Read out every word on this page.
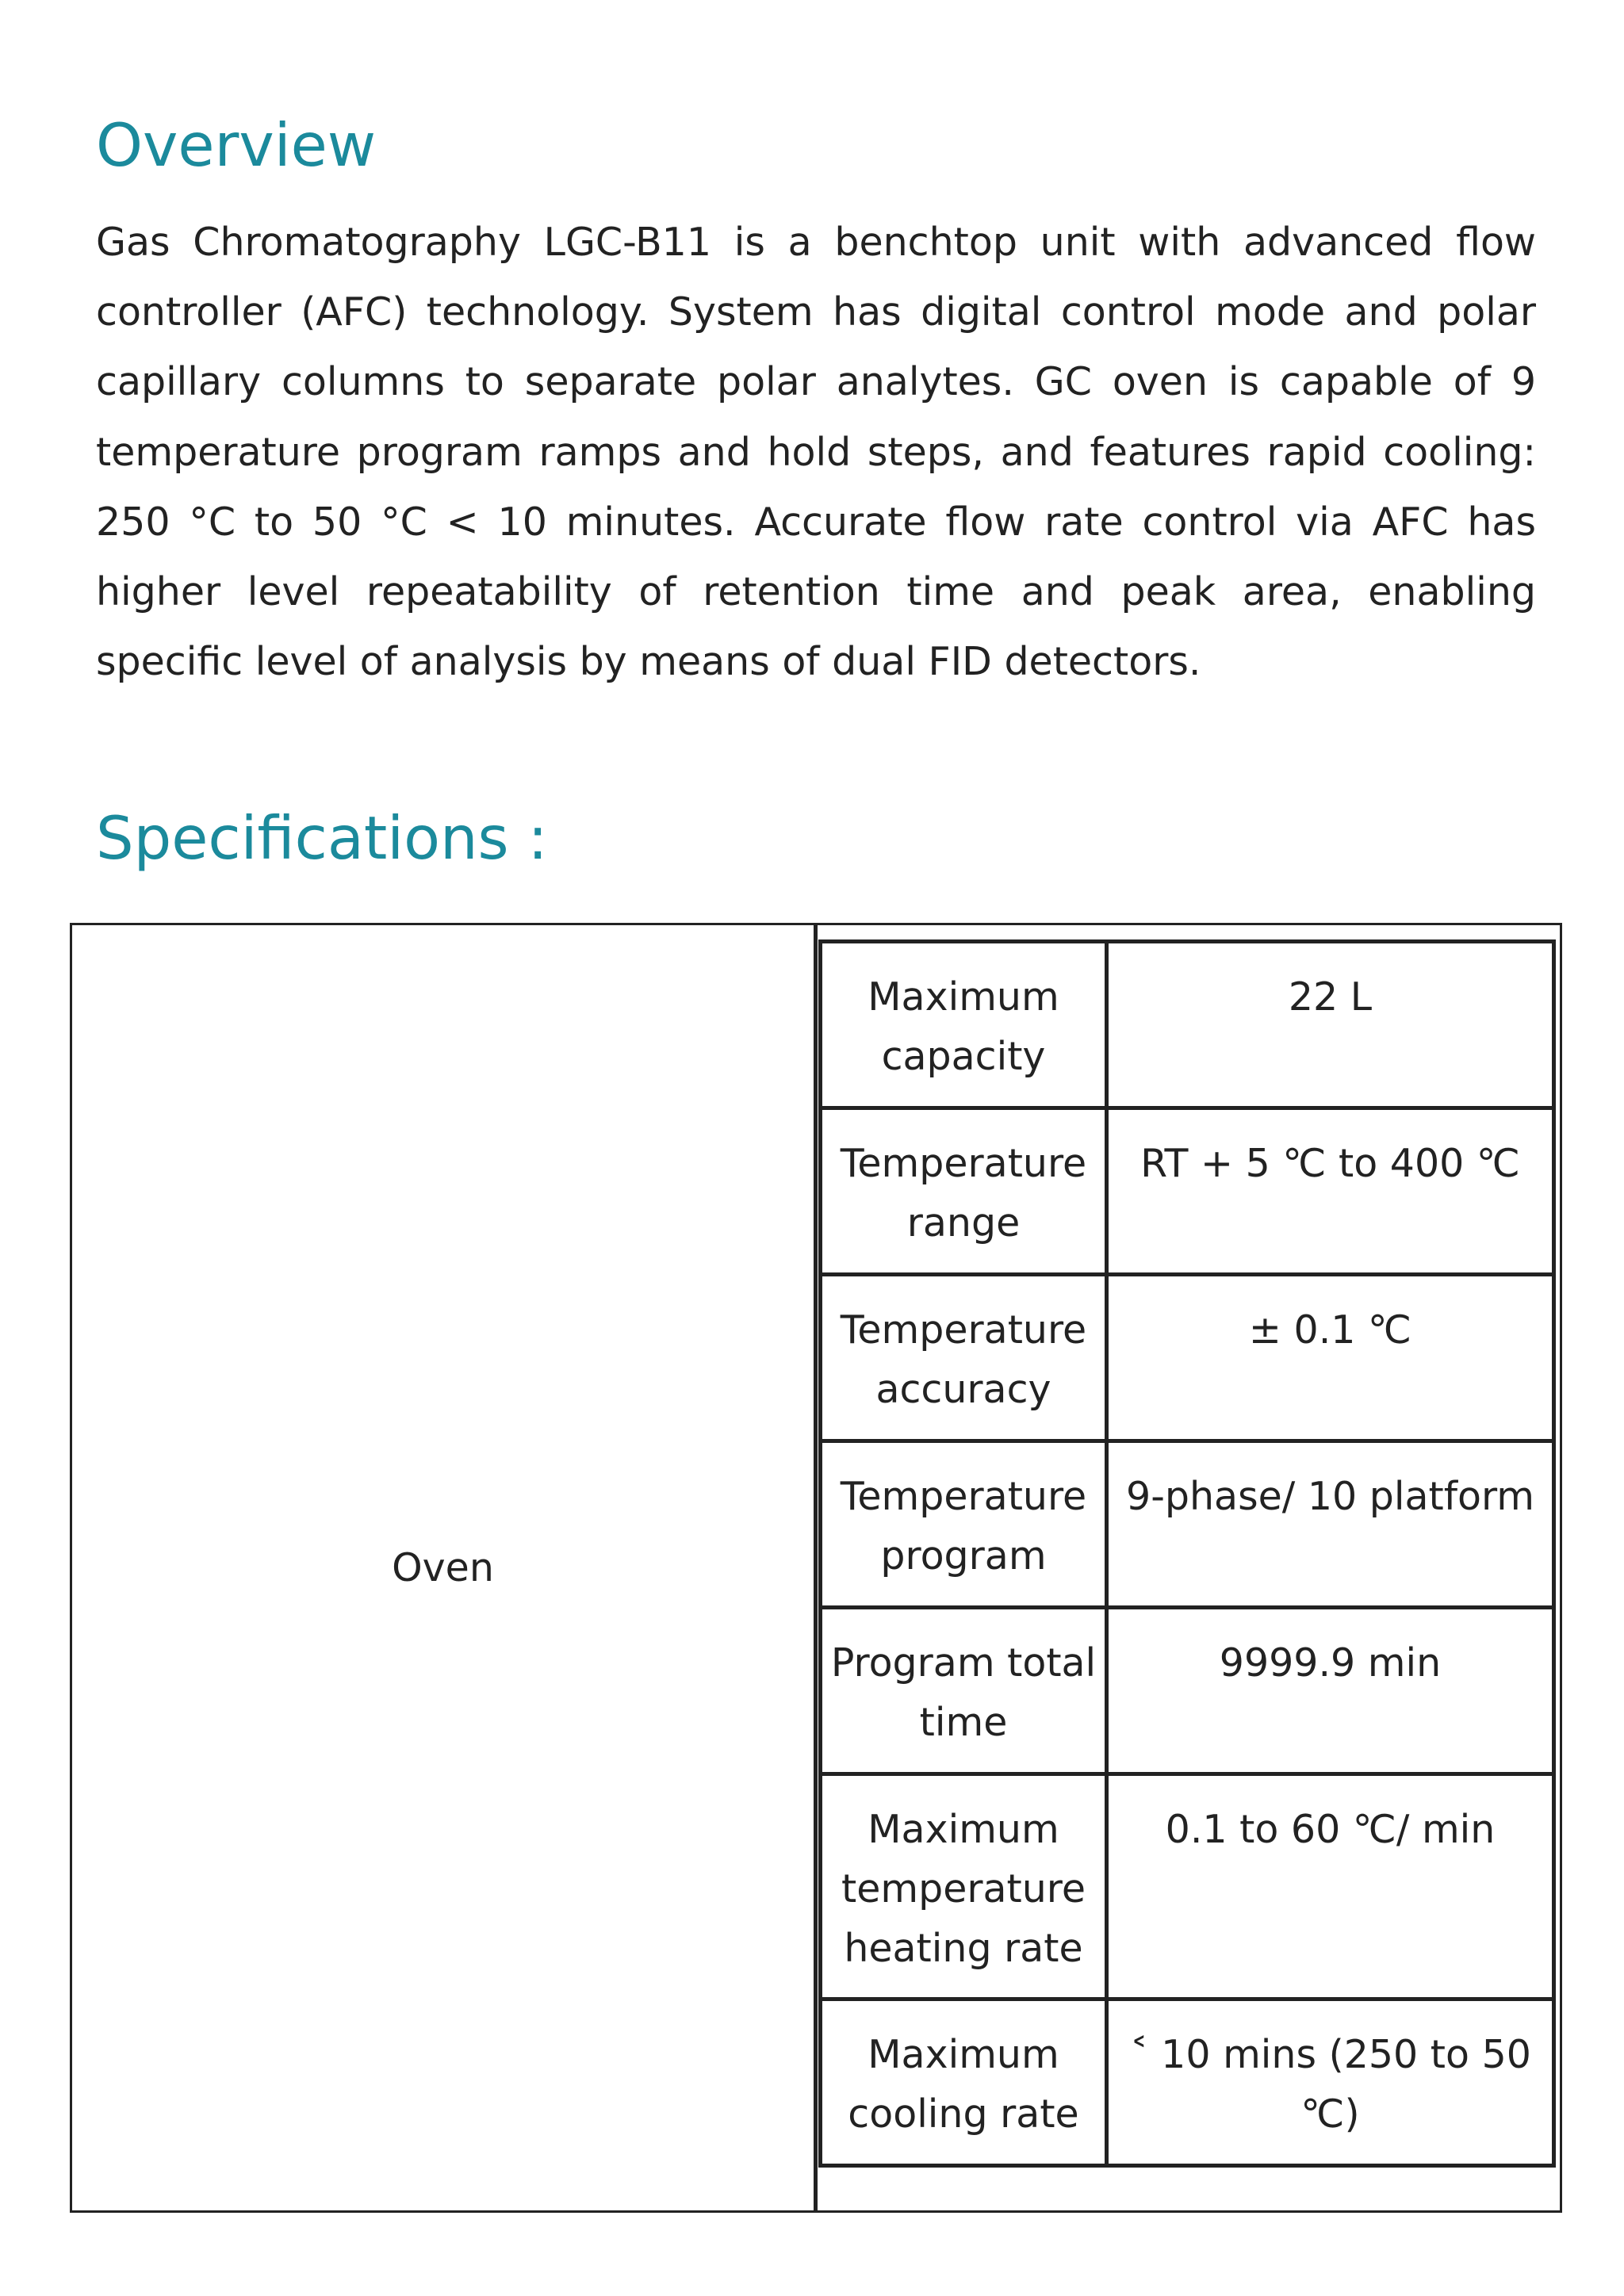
Overview

Gas Chromatography LGC-B11 is a benchtop unit with advanced flow controller (AFC) technology. System has digital control mode and polar capillary columns to separate polar analytes. GC oven is capable of 9 temperature program ramps and hold steps, and features rapid cooling: 250 °C to 50 °C < 10 minutes. Accurate flow rate control via AFC has higher level repeatability of retention time and peak area, enabling specific level of analysis by means of dual FID detectors.

Specifications :
Oven
Maximum capacity	22 L
Temperature range	RT + 5 ℃ to 400 ℃
Temperature accuracy	± 0.1 ℃
Temperature program	9-phase/ 10 platform
Program total time	9999.9 min
Maximum temperature heating rate	0.1 to 60 ℃/ min
Maximum cooling rate	˂ 10 mins (250 to 50 ℃)
